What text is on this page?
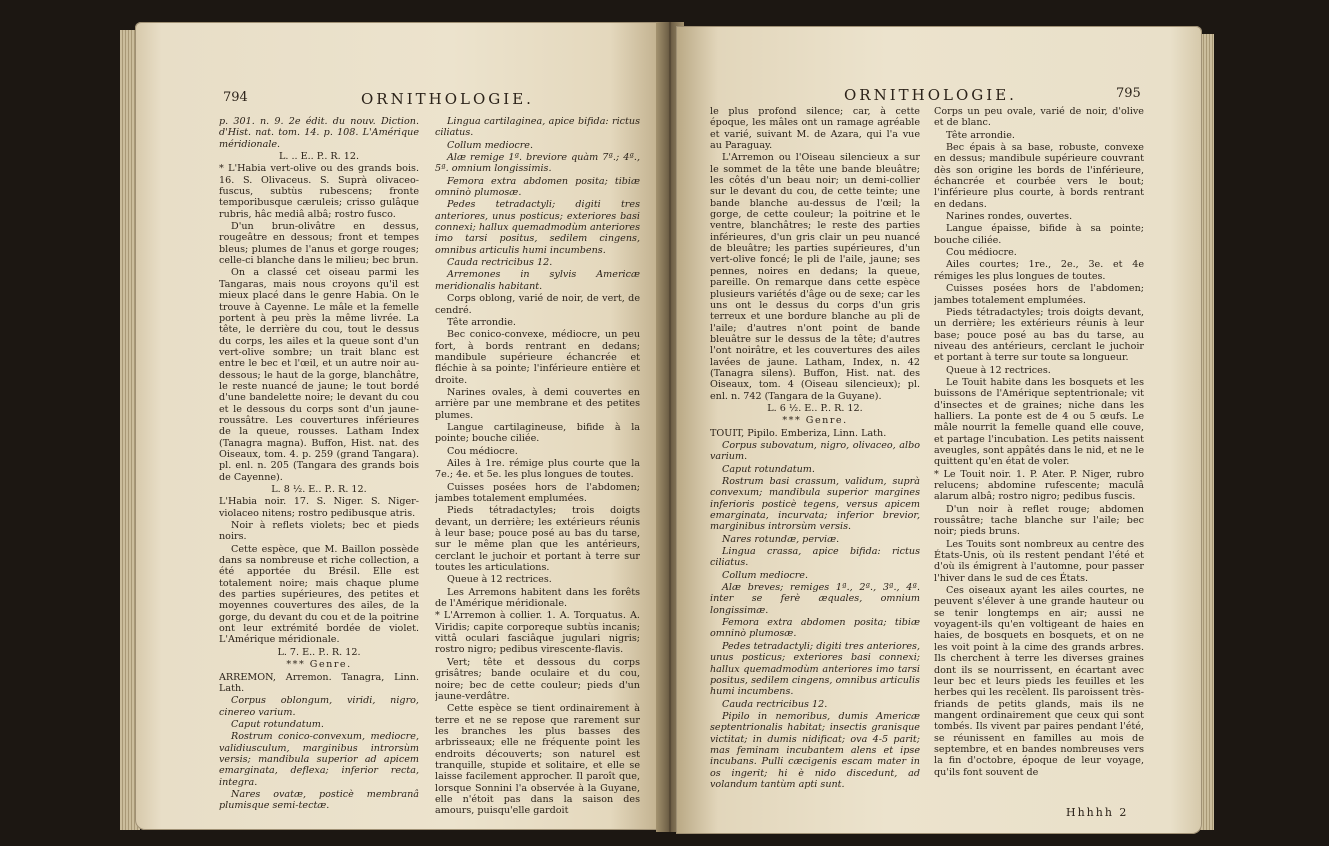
794	ORNITHOLOGIE.

p. 301. n. 9. 2e édit. du nouv. Diction. d'Hist. nat. tom. 14. p. 108. L'Amérique méridionale.

L. .. E.. P.. R. 12.

* L'Habia vert-olive ou des grands bois. 16. S. Olivaceus. S. Suprà olivaceo-fuscus, subtùs rubescens; fronte temporibusque cæruleis; crisso gulâque rubris, hâc mediâ albâ; rostro fusco.

D'un brun-olivâtre en dessus, rougeâtre en dessous; front et tempes bleus; plumes de l'anus et gorge rouges; celle-ci blanche dans le milieu; bec brun.

On a classé cet oiseau parmi les Tangaras, mais nous croyons qu'il est mieux placé dans le genre Habia. On le trouve à Cayenne. Le mâle et la femelle portent à peu près la même livrée. La tête, le derrière du cou, tout le dessus du corps, les ailes et la queue sont d'un vert-olive sombre; un trait blanc est entre le bec et l'œil, et un autre noir au-dessous; le haut de la gorge, blanchâtre, le reste nuancé de jaune; le tout bordé d'une bandelette noire; le devant du cou et le dessous du corps sont d'un jaune-roussâtre. Les couvertures inférieures de la queue, rousses. Latham Index (Tanagra magna). Buffon, Hist. nat. des Oiseaux, tom. 4. p. 259 (grand Tangara). pl. enl. n. 205 (Tangara des grands bois de Cayenne).

L. 8 ½. E.. P.. R. 12.

L'Habia noir. 17. S. Niger. S. Niger-violaceo nitens; rostro pedibusque atris.

Noir à reflets violets; bec et pieds noirs.

Cette espèce, que M. Baillon possède dans sa nombreuse et riche collection, a été apportée du Brésil. Elle est totalement noire; mais chaque plume des parties supérieures, des petites et moyennes couvertures des ailes, de la gorge, du devant du cou et de la poitrine ont leur extrémité bordée de violet. L'Amérique méridionale.

L. 7. E.. P.. R. 12.

*** Genre.

ARREMON, Arremon. Tanagra, Linn. Lath.

Corpus oblongum, viridi, nigro, cinereo varium.

Caput rotundatum.

Rostrum conico-convexum, mediocre, validiusculum, marginibus introrsùm versis; mandibula superior ad apicem emarginata, deflexa; inferior recta, integra.

Nares ovatæ, posticè membranâ plumisque semi-tectæ.

Lingua cartilaginea, apice bifida: rictus ciliatus.

Collum mediocre.

Alæ remige 1ª. breviore quàm 7ª.; 4ª., 5ª. omnium longissimis.

Femora extra abdomen posita; tibiæ omninò plumosæ.

Pedes tetradactyli; digiti tres anteriores, unus posticus; exteriores basi connexi; hallux quemadmodùm anteriores imo tarsi positus, sedilem cingens, omnibus articulis humi incumbens.

Cauda rectricibus 12.

Arremones in sylvis Americæ meridionalis habitant.

Corps oblong, varié de noir, de vert, de cendré.

Tête arrondie.

Bec conico-convexe, médiocre, un peu fort, à bords rentrant en dedans; mandibule supérieure échancrée et fléchie à sa pointe; l'inférieure entière et droite.

Narines ovales, à demi couvertes en arrière par une membrane et des petites plumes.

Langue cartilagineuse, bifide à la pointe; bouche ciliée.

Cou médiocre.

Ailes à 1re. rémige plus courte que la 7e.; 4e. et 5e. les plus longues de toutes.

Cuisses posées hors de l'abdomen; jambes totalement emplumées.

Pieds tétradactyles; trois doigts devant, un derrière; les extérieurs réunis à leur base; pouce posé au bas du tarse, sur le même plan que les antérieurs, cerclant le juchoir et portant à terre sur toutes les articulations.

Queue à 12 rectrices.

Les Arremons habitent dans les forêts de l'Amérique méridionale.

* L'Arremon à collier. 1. A. Torquatus. A. Viridis; capite corporeque subtùs incanis; vittâ oculari fasciâque jugulari nigris; rostro nigro; pedibus virescente-flavis.

Vert; tête et dessous du corps grisâtres; bande oculaire et du cou, noire; bec de cette couleur; pieds d'un jaune-verdâtre.

Cette espèce se tient ordinairement à terre et ne se repose que rarement sur les branches les plus basses des arbrisseaux; elle ne fréquente point les endroits découverts; son naturel est tranquille, stupide et solitaire, et elle se laisse facilement approcher. Il paroît que, lorsque Sonnini l'a observée à la Guyane, elle n'étoit pas dans la saison des amours, puisqu'elle gardoit

ORNITHOLOGIE.	795

le plus profond silence; car, à cette époque, les mâles ont un ramage agréable et varié, suivant M. de Azara, qui l'a vue au Paraguay.

L'Arremon ou l'Oiseau silencieux a sur le sommet de la tête une bande bleuâtre; les côtés d'un beau noir; un demi-collier sur le devant du cou, de cette teinte; une bande blanche au-dessus de l'œil; la gorge, de cette couleur; la poitrine et le ventre, blanchâtres; le reste des parties inférieures, d'un gris clair un peu nuancé de bleuâtre; les parties supérieures, d'un vert-olive foncé; le pli de l'aile, jaune; ses pennes, noires en dedans; la queue, pareille. On remarque dans cette espèce plusieurs variétés d'âge ou de sexe; car les uns ont le dessus du corps d'un gris terreux et une bordure blanche au pli de l'aile; d'autres n'ont point de bande bleuâtre sur le dessus de la tête; d'autres l'ont noirâtre, et les couvertures des ailes lavées de jaune. Latham, Index, n. 42 (Tanagra silens). Buffon, Hist. nat. des Oiseaux, tom. 4 (Oiseau silencieux); pl. enl. n. 742 (Tangara de la Guyane).

L. 6 ½. E.. P.. R. 12.

*** Genre.

TOUIT, Pipilo. Emberiza, Linn. Lath.

Corpus subovatum, nigro, olivaceo, albo varium.

Caput rotundatum.

Rostrum basi crassum, validum, suprà convexum; mandibula superior margines inferioris posticè tegens, versus apicem emarginata, incurvata; inferior brevior, marginibus introrsùm versis.

Nares rotundæ, perviæ.

Lingua crassa, apice bifida: rictus ciliatus.

Collum mediocre.

Alæ breves; remiges 1ª., 2ª., 3ª., 4ª. inter se ferè æquales, omnium longissimæ.

Femora extra abdomen posita; tibiæ omninò plumosæ.

Pedes tetradactyli; digiti tres anteriores, unus posticus; exteriores basi connexi; hallux quemadmodùm anteriores imo tarsi positus, sedilem cingens, omnibus articulis humi incumbens.

Cauda rectricibus 12.

Pipilo in nemoribus, dumis Americæ septentrionalis habitat; insectis granisque victitat; in dumis nidificat; ova 4-5 parit; mas feminam incubantem alens et ipse incubans. Pulli cæcigenis escam mater in os ingerit; hi è nido discedunt, ad volandum tantùm apti sunt.

Corps un peu ovale, varié de noir, d'olive et de blanc.

Tête arrondie.

Bec épais à sa base, robuste, convexe en dessus; mandibule supérieure couvrant dès son origine les bords de l'inférieure, échancrée et courbée vers le bout; l'inférieure plus courte, à bords rentrant en dedans.

Narines rondes, ouvertes.

Langue épaisse, bifide à sa pointe; bouche ciliée.

Cou médiocre.

Ailes courtes; 1re., 2e., 3e. et 4e rémiges les plus longues de toutes.

Cuisses posées hors de l'abdomen; jambes totalement emplumées.

Pieds tétradactyles; trois doigts devant, un derrière; les extérieurs réunis à leur base; pouce posé au bas du tarse, au niveau des antérieurs, cerclant le juchoir et portant à terre sur toute sa longueur.

Queue à 12 rectrices.

Le Touit habite dans les bosquets et les buissons de l'Amérique septentrionale; vit d'insectes et de graines; niche dans les halliers. La ponte est de 4 ou 5 œufs. Le mâle nourrit la femelle quand elle couve, et partage l'incubation. Les petits naissent aveugles, sont appâtés dans le nid, et ne le quittent qu'en état de voler.

* Le Touit noir. 1. P. Ater. P. Niger, rubro relucens; abdomine rufescente; maculâ alarum albâ; rostro nigro; pedibus fuscis.

D'un noir à reflet rouge; abdomen roussâtre; tache blanche sur l'aile; bec noir; pieds bruns.

Les Touits sont nombreux au centre des États-Unis, où ils restent pendant l'été et d'où ils émigrent à l'automne, pour passer l'hiver dans le sud de ces États.

Ces oiseaux ayant les ailes courtes, ne peuvent s'élever à une grande hauteur ou se tenir longtemps en air; aussi ne voyagent-ils qu'en voltigeant de haies en haies, de bosquets en bosquets, et on ne les voit point à la cime des grands arbres. Ils cherchent à terre les diverses graines dont ils se nourrissent, en écartant avec leur bec et leurs pieds les feuilles et les herbes qui les recèlent. Ils paroissent très-friands de petits glands, mais ils ne mangent ordinairement que ceux qui sont tombés. Ils vivent par paires pendant l'été, se réunissent en familles au mois de septembre, et en bandes nombreuses vers la fin d'octobre, époque de leur voyage, qu'ils font souvent de

Hhhhh 2
